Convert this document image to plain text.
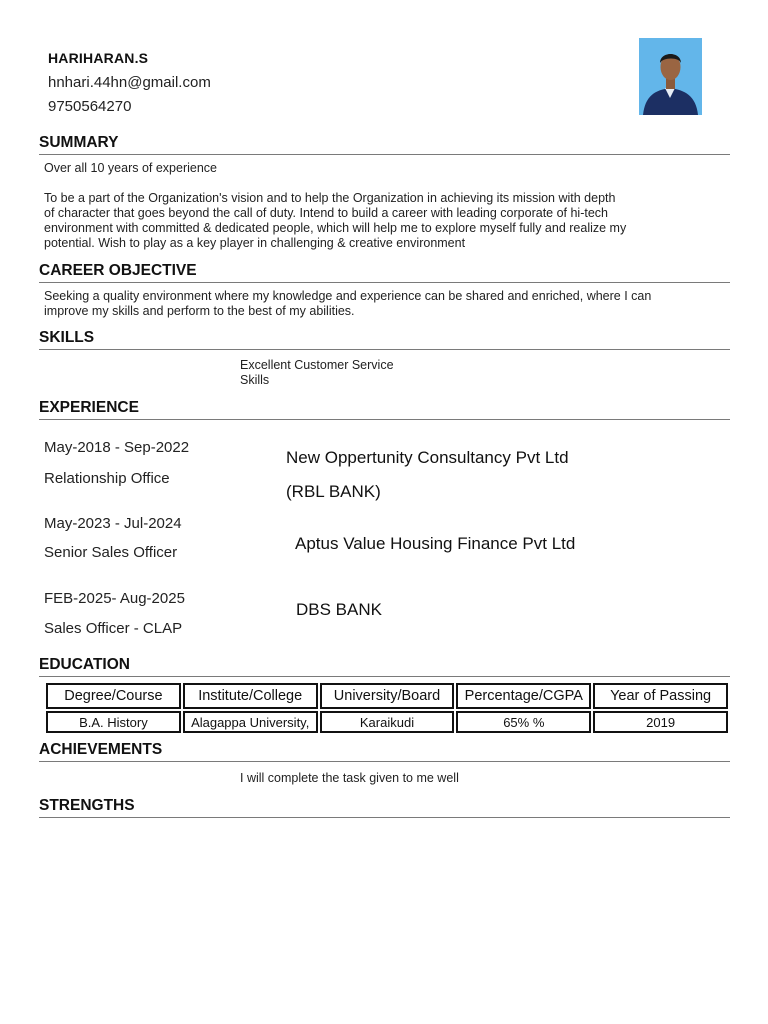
HARIHARAN.S
hnhari.44hn@gmail.com
9750564270
SUMMARY
Over all 10 years of experience
To be a part of the Organization's vision and to help the Organization in achieving its mission with depth
of character that goes beyond the call of duty. Intend to build a career with leading corporate of hi-tech
environment with committed & dedicated people, which will help me to explore myself fully and realize my
potential. Wish to play as a key player in challenging & creative environment
CAREER OBJECTIVE
Seeking a quality environment where my knowledge and experience can be shared and enriched, where I can
improve my skills and perform to the best of my abilities.
SKILLS
Excellent Customer Service
Skills
EXPERIENCE
May-2018 - Sep-2022
Relationship Office
New Oppertunity Consultancy Pvt Ltd
(RBL BANK)
May-2023 - Jul-2024
Senior Sales Officer	Aptus Value Housing Finance Pvt Ltd
FEB-2025- Aug-2025
Sales Officer - CLAP
DBS BANK
EDUCATION
Degree/Course	Institute/College	University/Board	Percentage/CGPA	Year of Passing
B.A. History	Alagappa University,	Karaikudi	65% %	2019
ACHIEVEMENTS
I will complete the task given to me well
STRENGTHS
